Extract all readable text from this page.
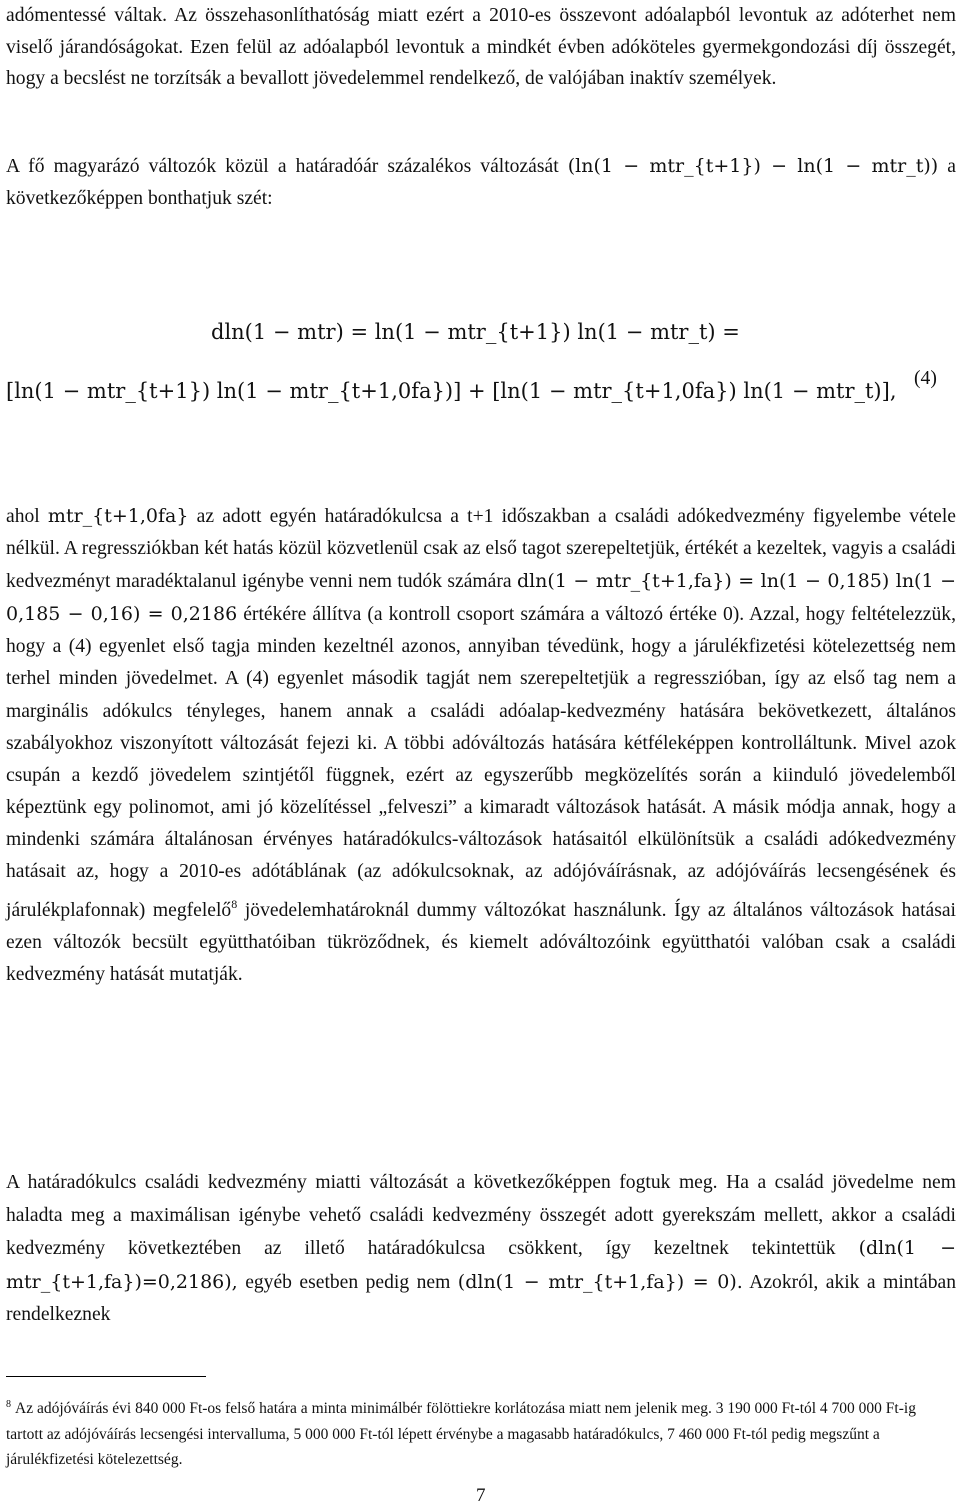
adómentessé váltak. Az összehasonlíthatóság miatt ezért a 2010-es összevont adóalapból levontuk az adóterhet nem viselő járandóságokat. Ezen felül az adóalapból levontuk a mindkét évben adóköteles gyermekgondozási díj összegét, hogy a becslést ne torzítsák a bevallott jövedelemmel rendelkező, de valójában inaktív személyek.

A fő magyarázó változók közül a határadóár százalékos változását (ln(1 − mtr_{t+1}) − ln(1 − mtr_t)) a következőképpen bonthatjuk szét:

dln(1 − mtr) = ln(1 − mtr_{t+1}) ln(1 − mtr_t) =
[ln(1 − mtr_{t+1}) ln(1 − mtr_{t+1,0fa})] + [ln(1 − mtr_{t+1,0fa}) ln(1 − mtr_t)],
(4)

ahol mtr_{t+1,0fa} az adott egyén határadókulcsa a t+1 időszakban a családi adókedvezmény figyelembe vétele nélkül. A regressziókban két hatás közül közvetlenül csak az első tagot szerepeltetjük, értékét a kezeltek, vagyis a családi kedvezményt maradéktalanul igénybe venni nem tudók számára dln(1 − mtr_{t+1,fa}) = ln(1 − 0,185) ln(1 − 0,185 − 0,16) = 0,2186 értékére állítva (a kontroll csoport számára a változó értéke 0). Azzal, hogy feltételezzük, hogy a (4) egyenlet első tagja minden kezeltnél azonos, annyiban tévedünk, hogy a járulékfizetési kötelezettség nem terhel minden jövedelmet. A (4) egyenlet második tagját nem szerepeltetjük a regresszióban, így az első tag nem a marginális adókulcs tényleges, hanem annak a családi adóalap-kedvezmény hatására bekövetkezett, általános szabályokhoz viszonyított változását fejezi ki. A többi adóváltozás hatására kétféleképpen kontrolláltunk. Mivel azok csupán a kezdő jövedelem szintjétől függnek, ezért az egyszerűbb megközelítés során a kiinduló jövedelemből képeztünk egy polinomot, ami jó közelítéssel „felveszi” a kimaradt változások hatását. A másik módja annak, hogy a mindenki számára általánosan érvényes határadókulcs-változások hatásaitól elkülönítsük a családi adókedvezmény hatásait az, hogy a 2010-es adótáblának (az adókulcsoknak, az adójóváírásnak, az adójóváírás lecsengésének és járulékplafonnak) megfelelő$^8$ jövedelemhatároknál dummy változókat használunk. Így az általános változások hatásai ezen változók becsült együtthatóiban tükröződnek, és kiemelt adóváltozóink együtthatói valóban csak a családi kedvezmény hatását mutatják.

A határadókulcs családi kedvezmény miatti változását a következőképpen fogtuk meg. Ha a család jövedelme nem haladta meg a maximálisan igénybe vehető családi kedvezmény összegét adott gyerekszám mellett, akkor a családi kedvezmény következtében az illető határadókulcsa csökkent, így kezeltnek tekintettük (dln(1 − mtr_{t+1,fa})=0,2186), egyéb esetben pedig nem (dln(1 − mtr_{t+1,fa}) = 0). Azokról, akik a mintában rendelkeznek

$^8$ Az adójóváírás évi 840 000 Ft-os felső határa a minta minimálbér fölöttiekre korlátozása miatt nem jelenik meg. 3 190 000 Ft-tól 4 700 000 Ft-ig tartott az adójóváírás lecsengési intervalluma, 5 000 000 Ft-tól lépett érvénybe a magasabb határadókulcs, 7 460 000 Ft-tól pedig megszűnt a járulékfizetési kötelezettség.
7
